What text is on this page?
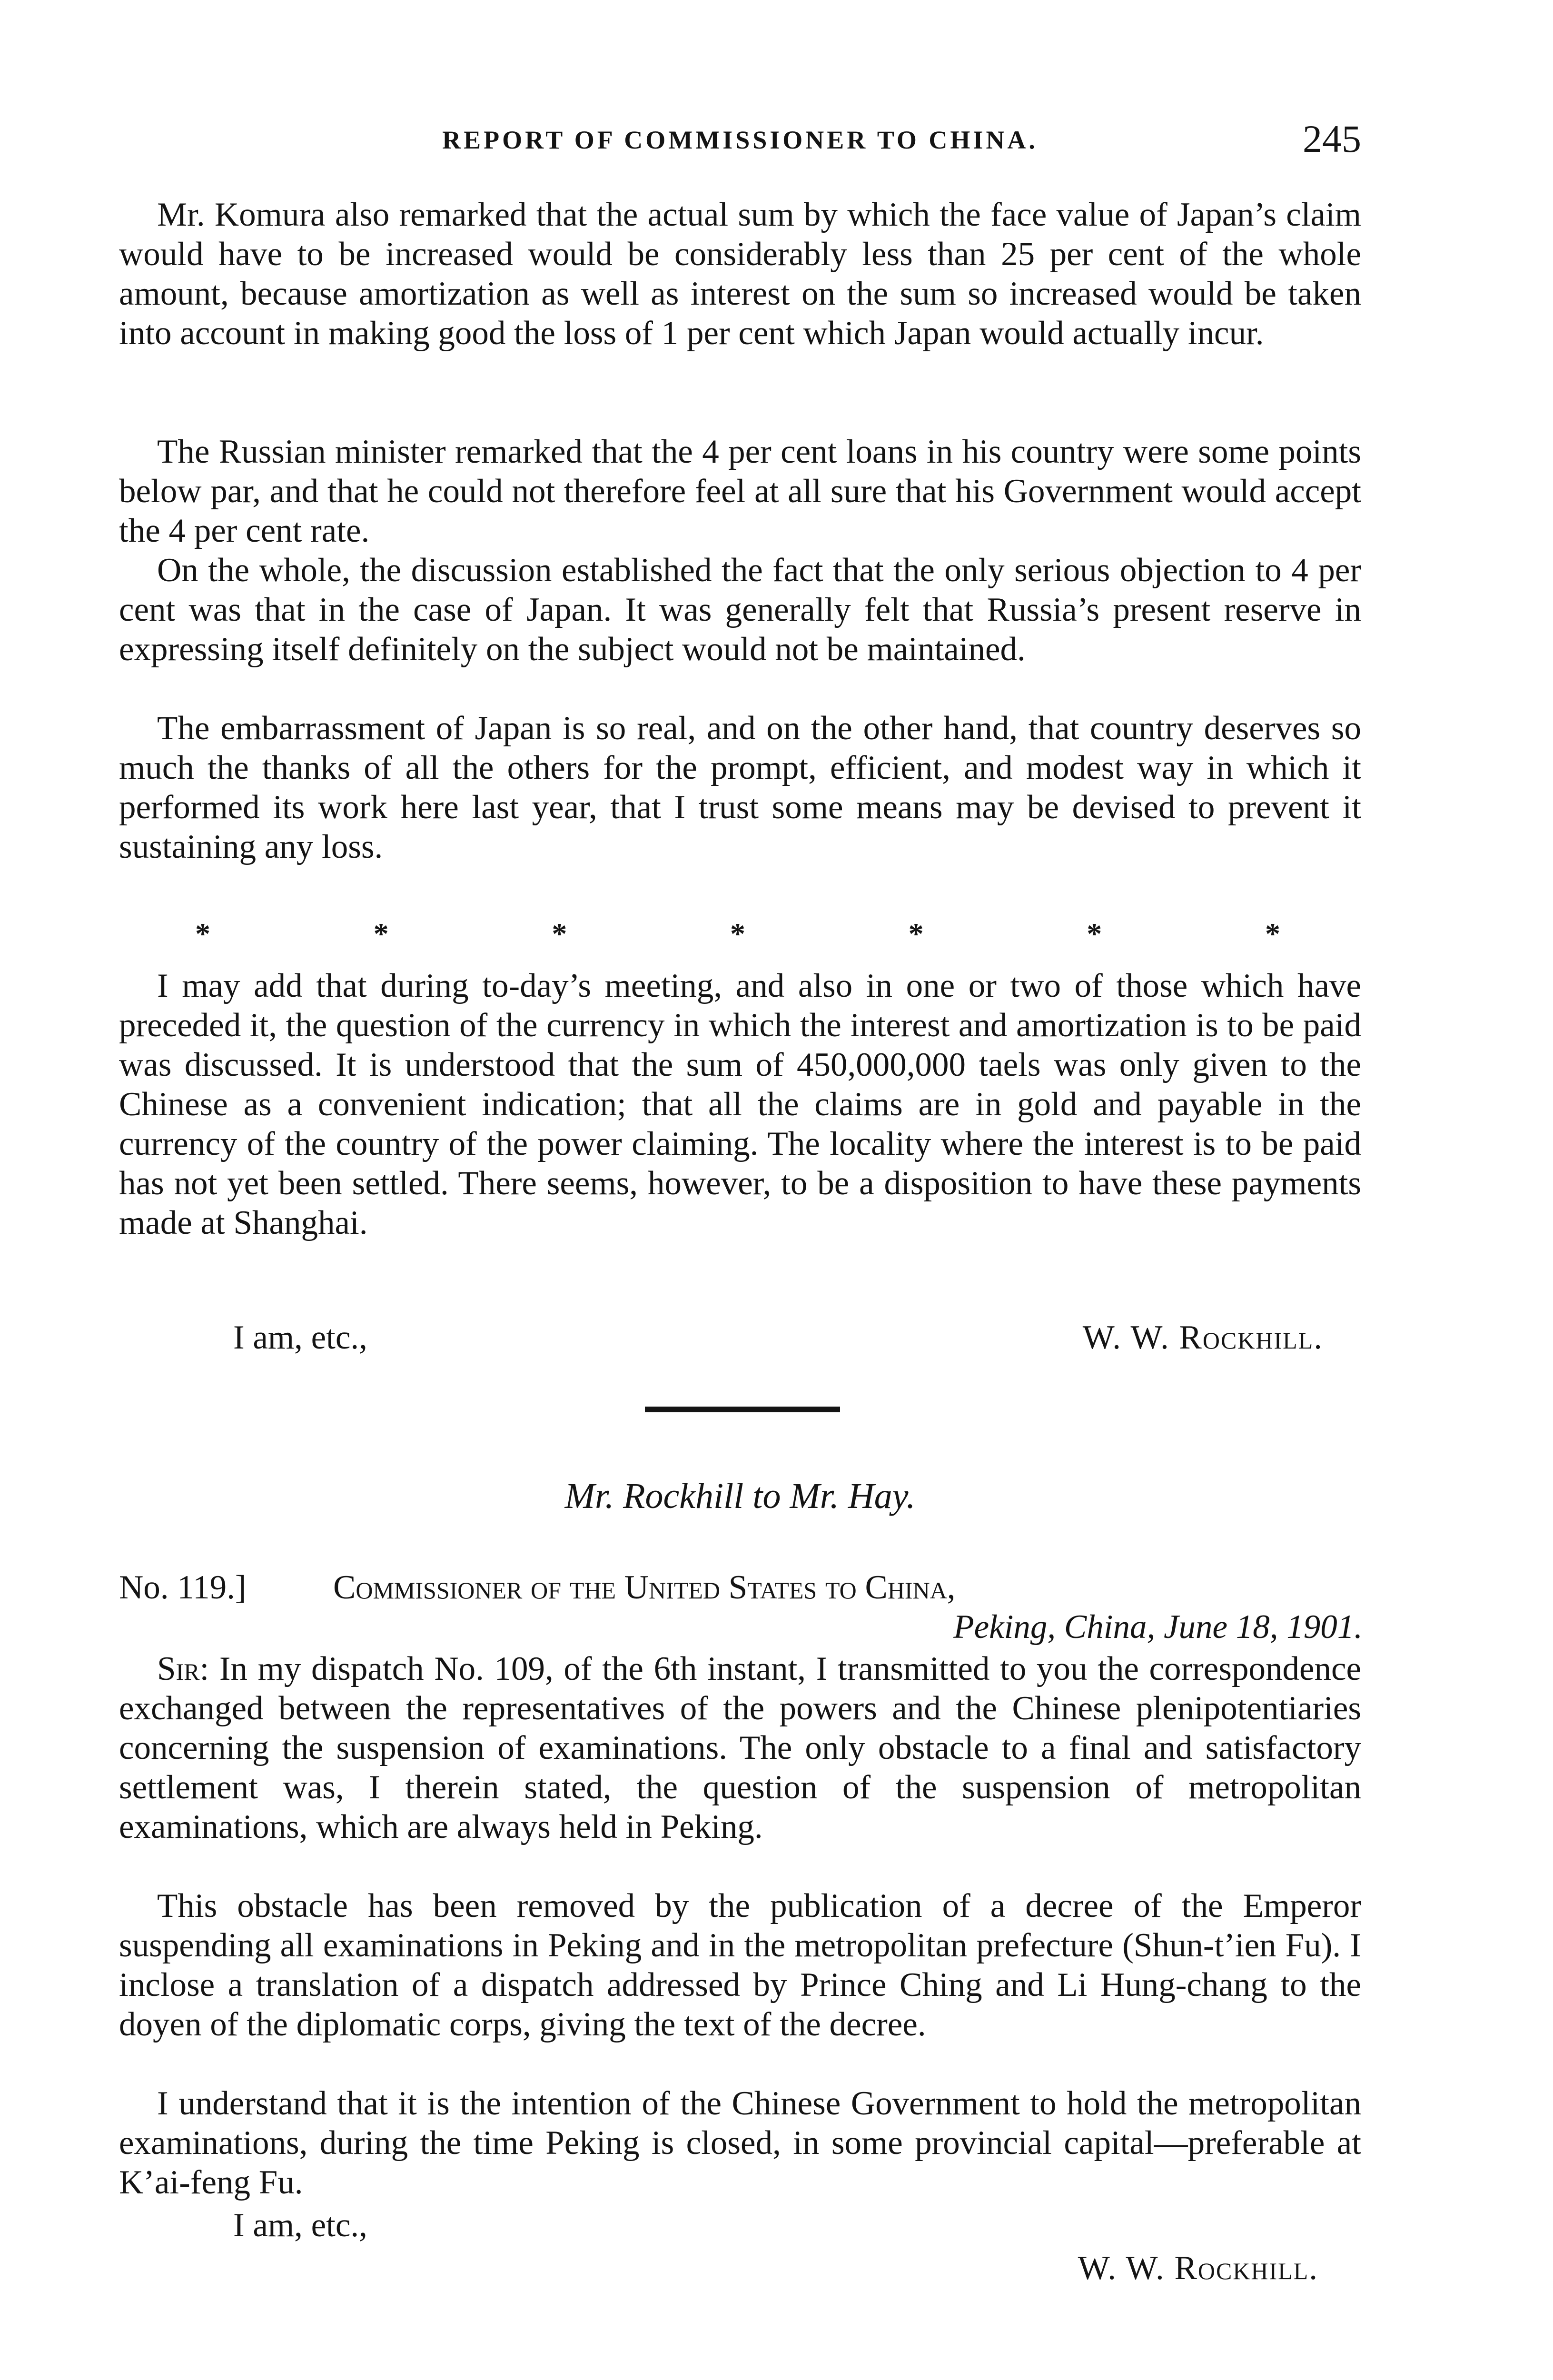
REPORT OF COMMISSIONER TO CHINA.	245

Mr. Komura also remarked that the actual sum by which the face value of Japan’s claim would have to be increased would be considerably less than 25 per cent of the whole amount, because amortization as well as interest on the sum so increased would be taken into account in making good the loss of 1 per cent which Japan would actually incur.

The Russian minister remarked that the 4 per cent loans in his country were some points below par, and that he could not therefore feel at all sure that his Government would accept the 4 per cent rate.

On the whole, the discussion established the fact that the only serious objection to 4 per cent was that in the case of Japan. It was generally felt that Russia’s present reserve in expressing itself definitely on the subject would not be maintained.

The embarrassment of Japan is so real, and on the other hand, that country deserves so much the thanks of all the others for the prompt, efficient, and modest way in which it performed its work here last year, that I trust some means may be devised to prevent it sustaining any loss.

*	*	*	*	*	*	*

I may add that during to-day’s meeting, and also in one or two of those which have preceded it, the question of the currency in which the interest and amortization is to be paid was discussed. It is understood that the sum of 450,000,000 taels was only given to the Chinese as a convenient indication; that all the claims are in gold and payable in the currency of the country of the power claiming. The locality where the interest is to be paid has not yet been settled. There seems, however, to be a disposition to have these payments made at Shanghai.

I am, etc.,	W. W. Rockhill.
Mr. Rockhill to Mr. Hay.
No. 119.]	Commissioner of the United States to China,
Peking, China, June 18, 1901.

Sir: In my dispatch No. 109, of the 6th instant, I transmitted to you the correspondence exchanged between the representatives of the powers and the Chinese plenipotentiaries concerning the suspension of examinations. The only obstacle to a final and satisfactory settlement was, I therein stated, the question of the suspension of metropolitan examinations, which are always held in Peking.

This obstacle has been removed by the publication of a decree of the Emperor suspending all examinations in Peking and in the metropolitan prefecture (Shun-t’ien Fu). I inclose a translation of a dispatch addressed by Prince Ching and Li Hung-chang to the doyen of the diplomatic corps, giving the text of the decree.

I understand that it is the intention of the Chinese Government to hold the metropolitan examinations, during the time Peking is closed, in some provincial capital—preferable at K’ai-feng Fu.

I am, etc.,
W. W. Rockhill.
